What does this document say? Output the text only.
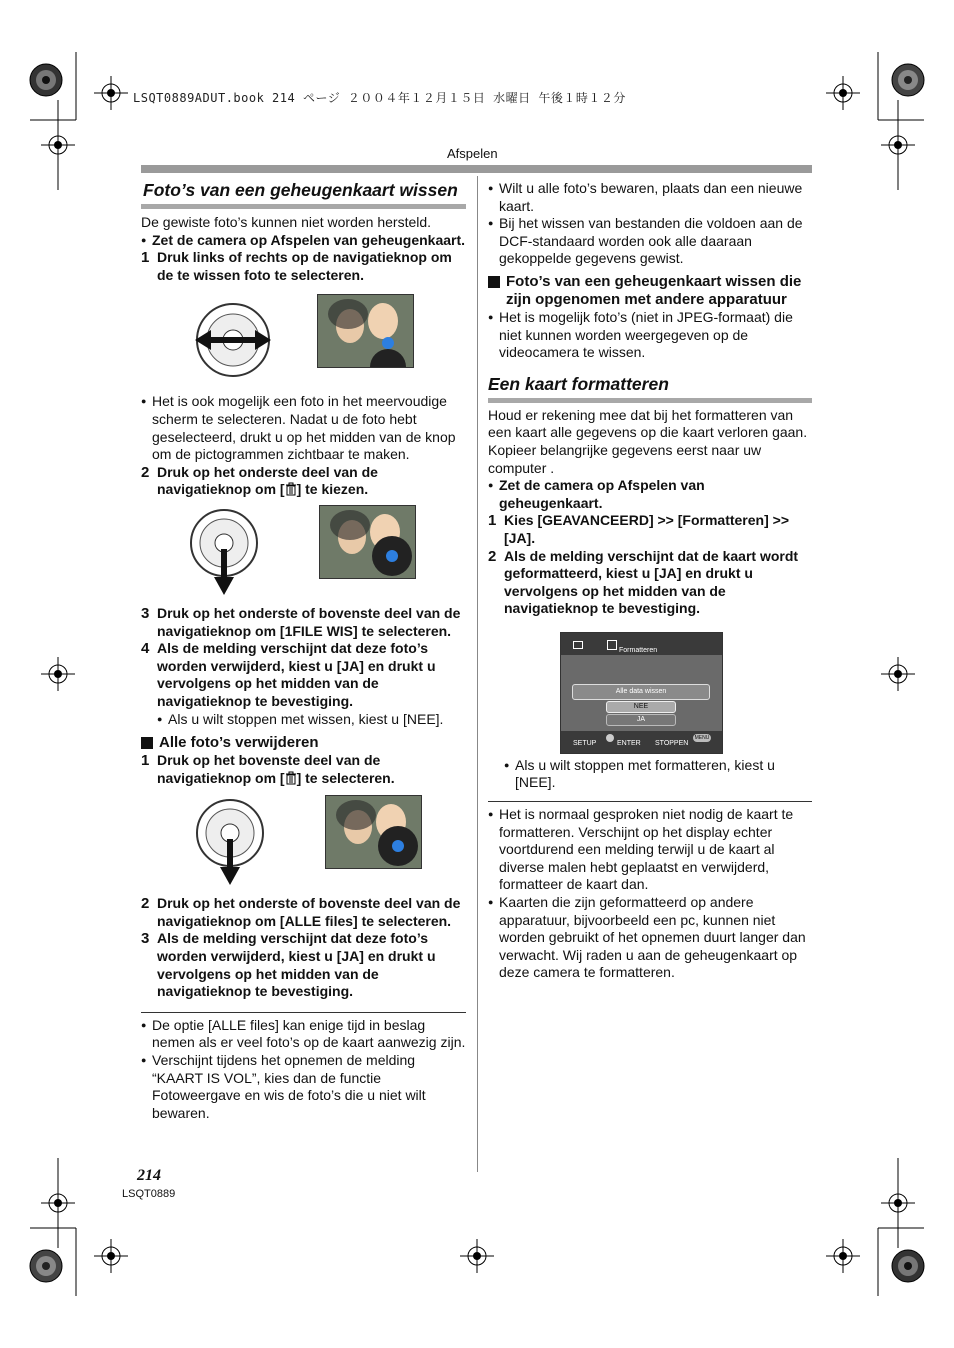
LSQT0889ADUT.book 214 ページ ２００４年１２月１５日 水曜日 午後１時１２分
Afspelen
Foto’s van een geheugenkaart wissen

De gewiste foto’s kunnen niet worden hersteld.

● Zet de camera op Afspelen van geheugenkaart.
1 Druk links of rechts op de navigatieknop om de te wissen foto te selecteren.
● Het is ook mogelijk een foto in het meervoudige scherm te selecteren. Nadat u de foto hebt geselecteerd, drukt u op het midden van de knop om de pictogrammen zichtbaar te maken.
2 Druk op het onderste deel van de navigatieknop om [ ] te kiezen.
3 Druk op het onderste of bovenste deel van de navigatieknop om [1FILE WIS] te selecteren.
4 Als de melding verschijnt dat deze foto’s worden verwijderd, kiest u [JA] en drukt u vervolgens op het midden van de navigatieknop te bevestiging.
● Als u wilt stoppen met wissen, kiest u [NEE].
Alle foto’s verwijderen
1 Druk op het bovenste deel van de navigatieknop om [ ] te selecteren.
2 Druk op het onderste of bovenste deel van de navigatieknop om [ALLE files] te selecteren.
3 Als de melding verschijnt dat deze foto’s worden verwijderd, kiest u [JA] en drukt u vervolgens op het midden van de navigatieknop te bevestiging.
● De optie [ALLE files] kan enige tijd in beslag nemen als er veel foto’s op de kaart aanwezig zijn.
● Verschijnt tijdens het opnemen de melding “KAART IS VOL”, kies dan de functie Fotoweergave en wis de foto’s die u niet wilt bewaren.
● Wilt u alle foto’s bewaren, plaats dan een nieuwe kaart.
● Bij het wissen van bestanden die voldoen aan de DCF-standaard worden ook alle daaraan gekoppelde gegevens gewist.
Foto’s van een geheugenkaart wissen die zijn opgenomen met andere apparatuur
● Het is mogelijk foto’s (niet in JPEG-formaat) die niet kunnen worden weergegeven op de videocamera te wissen.
Een kaart formatteren

Houd er rekening mee dat bij het formatteren van een kaart alle gegevens op die kaart verloren gaan. Kopieer belangrijke gegevens eerst naar uw computer .

● Zet de camera op Afspelen van geheugenkaart.
1 Kies [GEAVANCEERD] >> [Formatteren] >> [JA].
2 Als de melding verschijnt dat de kaart wordt geformatteerd, kiest u [JA] en drukt u vervolgens op het midden van de navigatieknop te bevestiging.
Formatteren
Alle data wissen
NEE
JA
SETUP	ENTER STOPPEN
MENU
● Als u wilt stoppen met formatteren, kiest u [NEE].
● Het is normaal gesproken niet nodig de kaart te formatteren. Verschijnt op het display echter voortdurend een melding terwijl u de kaart al diverse malen hebt geplaatst en verwijderd, formatteer de kaart dan.
● Kaarten die zijn geformatteerd op andere apparatuur, bijvoorbeeld een pc, kunnen niet worden gebruikt of het opnemen duurt langer dan verwacht. Wij raden u aan de geheugenkaart op deze camera te formatteren.
214
LSQT0889
